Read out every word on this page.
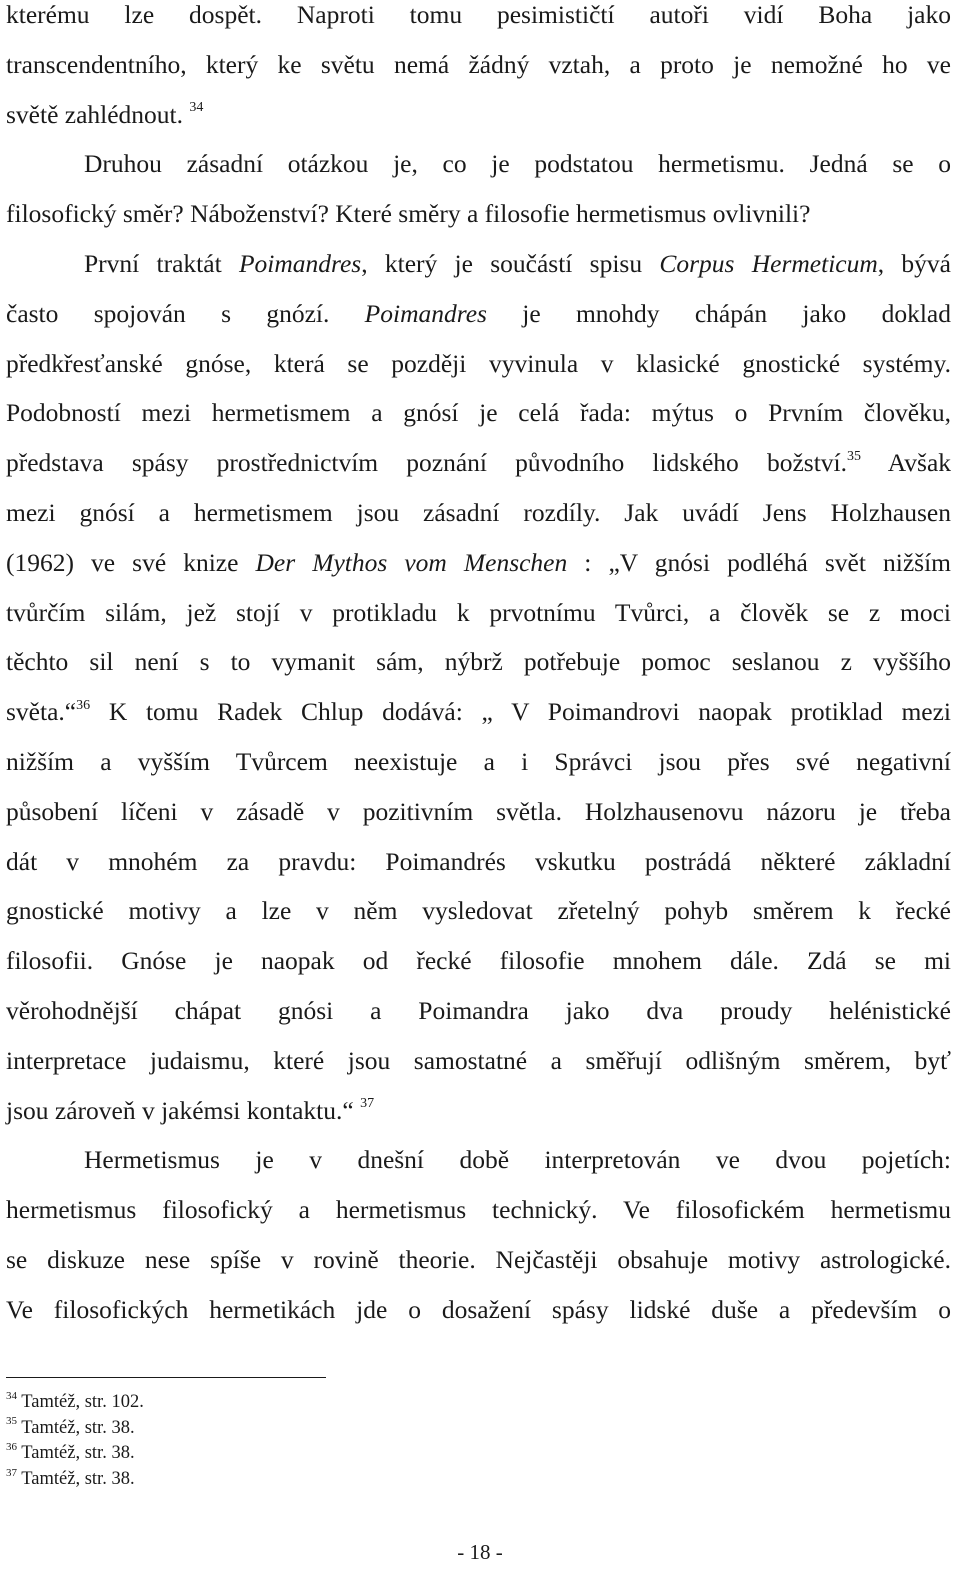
kterému lze dospět. Naproti tomu pesimističtí autoři vidí Boha jako
transcendentního, který ke světu nemá žádný vztah, a proto je nemožné ho ve
světě zahlédnout. $^{34}$

Druhou zásadní otázkou je, co je podstatou hermetismu. Jedná se o
filosofický směr? Náboženství? Které směry a filosofie hermetismus ovlivnili?

První traktát Poimandres, který je součástí spisu Corpus Hermeticum, bývá
často spojován s gnózí. Poimandres je mnohdy chápán jako doklad
předkřesťanské gnóse, která se později vyvinula v klasické gnostické systémy.
Podobností mezi hermetismem a gnósí je celá řada: mýtus o Prvním člověku,
představa spásy prostřednictvím poznání původního lidského božství.$^{35}$ Avšak
mezi gnósí a hermetismem jsou zásadní rozdíly. Jak uvádí Jens Holzhausen
(1962) ve své knize Der Mythos vom Menschen : „V gnósi podléhá svět nižším
tvůrčím silám, jež stojí v protikladu k prvotnímu Tvůrci, a člověk se z moci
těchto sil není s to vymanit sám, nýbrž potřebuje pomoc seslanou z vyššího
světa.“$^{36}$ K tomu Radek Chlup dodává: „ V Poimandrovi naopak protiklad mezi
nižším a vyšším Tvůrcem neexistuje a i Správci jsou přes své negativní
působení líčeni v zásadě v pozitivním světla. Holzhausenovu názoru je třeba
dát v mnohém za pravdu: Poimandrés vskutku postrádá některé základní
gnostické motivy a lze v něm vysledovat zřetelný pohyb směrem k řecké
filosofii. Gnóse je naopak od řecké filosofie mnohem dále. Zdá se mi
věrohodnější chápat gnósi a Poimandra jako dva proudy helénistické
interpretace judaismu, které jsou samostatné a směřují odlišným směrem, byť
jsou zároveň v jakémsi kontaktu.“ $^{37}$

Hermetismus je v dnešní době interpretován ve dvou pojetích:
hermetismus filosofický a hermetismus technický. Ve filosofickém hermetismu
se diskuze nese spíše v rovině theorie. Nejčastěji obsahuje motivy astrologické.
Ve filosofických hermetikách jde o dosažení spásy lidské duše a především o

$^{34}$ Tamtéž, str. 102.
$^{35}$ Tamtéž, str. 38.
$^{36}$ Tamtéž, str. 38.
$^{37}$ Tamtéž, str. 38.
- 18 -
